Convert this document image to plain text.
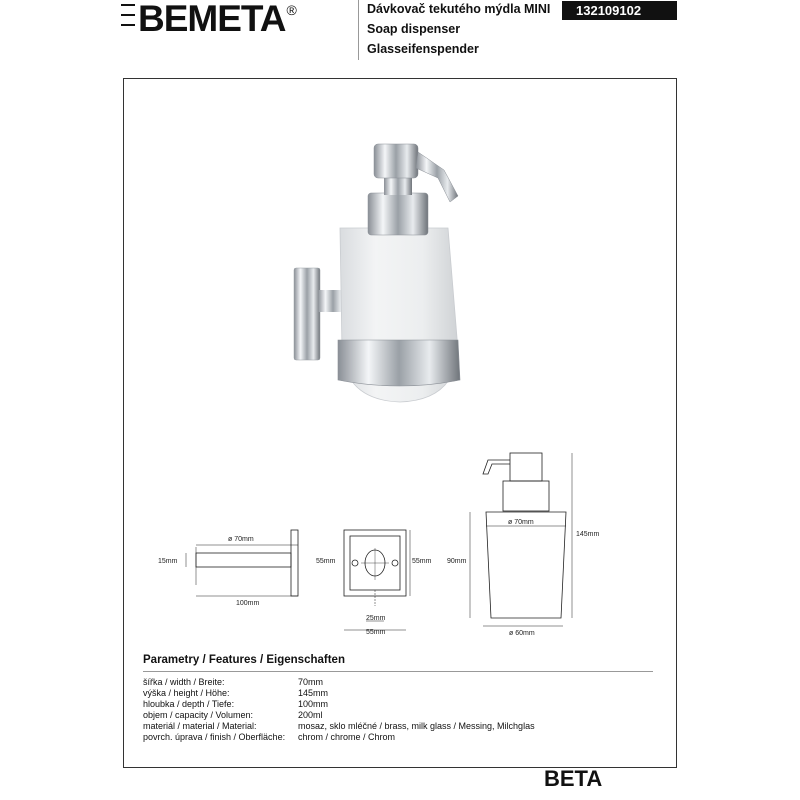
BEMETA®	Dávkovač tekutého mýdla MINI
Soap dispenser
Glasseifenspender
132109102
ø 70mm
15mm
100mm
55mm	55mm
25mm
55mm
ø 70mm
90mm
145mm
ø 60mm
Parametry / Features / Eigenschaften
šířka / width / Breite:	70mm
výška / height / Höhe:	145mm
hloubka / depth / Tiefe:	100mm
objem / capacity / Volumen:	200ml
materiál / material / Material:	mosaz, sklo mléčné / brass, milk glass / Messing, Milchglas
povrch. úprava / finish / Oberfläche: chrom / chrome / Chrom
BETA
